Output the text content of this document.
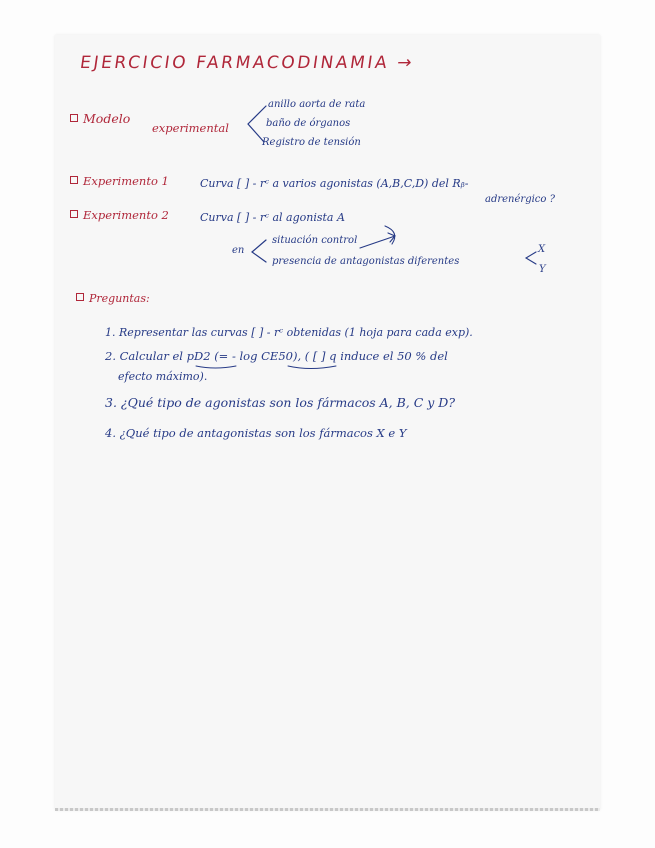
EJERCICIO FARMACODINAMIA →
Modelo
experimental
anillo aorta de rata
baño de órganos
Registro de tensión
Experimento 1	Curva [ ] - rᶜ a varios agonistas (A,B,C,D) del Rᵦ-
adrenérgico ?
Experimento 2	Curva [ ] - rᶜ al agonista A
en
situación control
presencia de antagonistas diferentes
X
Y
Preguntas:
1. Representar las curvas [ ] - rᶜ obtenidas (1 hoja para cada exp).
2. Calcular el pD2 (= - log CE50), ( [ ] q induce el 50 % del
efecto máximo).
3. ¿Qué tipo de agonistas son los fármacos A, B, C y D?
4. ¿Qué tipo de antagonistas son los fármacos X e Y
